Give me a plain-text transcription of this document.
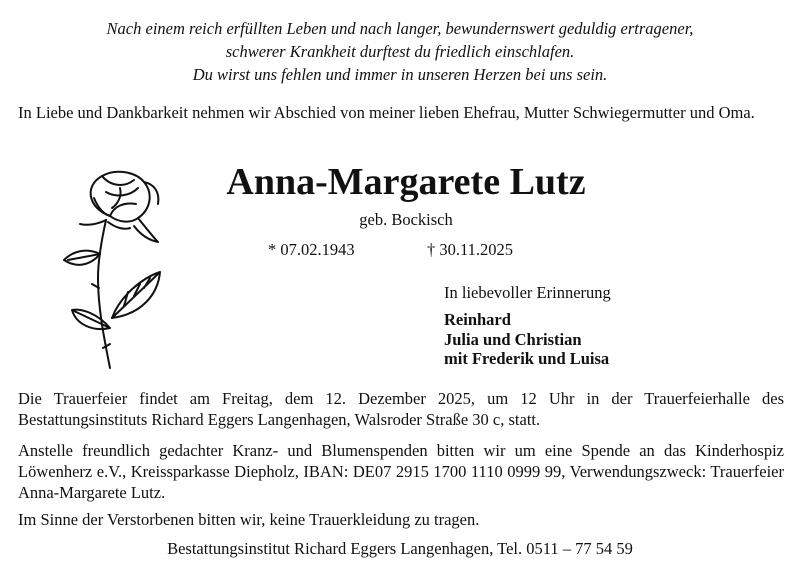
Nach einem reich erfüllten Leben und nach langer, bewundernswert geduldig ertragener,
schwerer Krankheit durftest du friedlich einschlafen.
Du wirst uns fehlen und immer in unseren Herzen bei uns sein.
In Liebe und Dankbarkeit nehmen wir Abschied von meiner lieben Ehefrau, Mutter Schwiegermutter und Oma.
Anna-Margarete Lutz
geb. Bockisch
* 07.02.1943	† 30.11.2025
In liebevoller Erinnerung
Reinhard
Julia und Christian
mit Frederik und Luisa
Die Trauerfeier findet am Freitag, dem 12. Dezember 2025, um 12 Uhr in der Trauerfeierhalle des Bestattungsinstituts Richard Eggers Langenhagen, Walsroder Straße 30 c, statt.
Anstelle freundlich gedachter Kranz- und Blumenspenden bitten wir um eine Spende an das Kinderhospiz Löwenherz e.V., Kreissparkasse Diepholz, IBAN: DE07 2915 1700 1110 0999 99, Verwendungszweck: Trauerfeier Anna-Margarete Lutz.
Im Sinne der Verstorbenen bitten wir, keine Trauerkleidung zu tragen.
Bestattungsinstitut Richard Eggers Langenhagen, Tel. 0511 – 77 54 59
